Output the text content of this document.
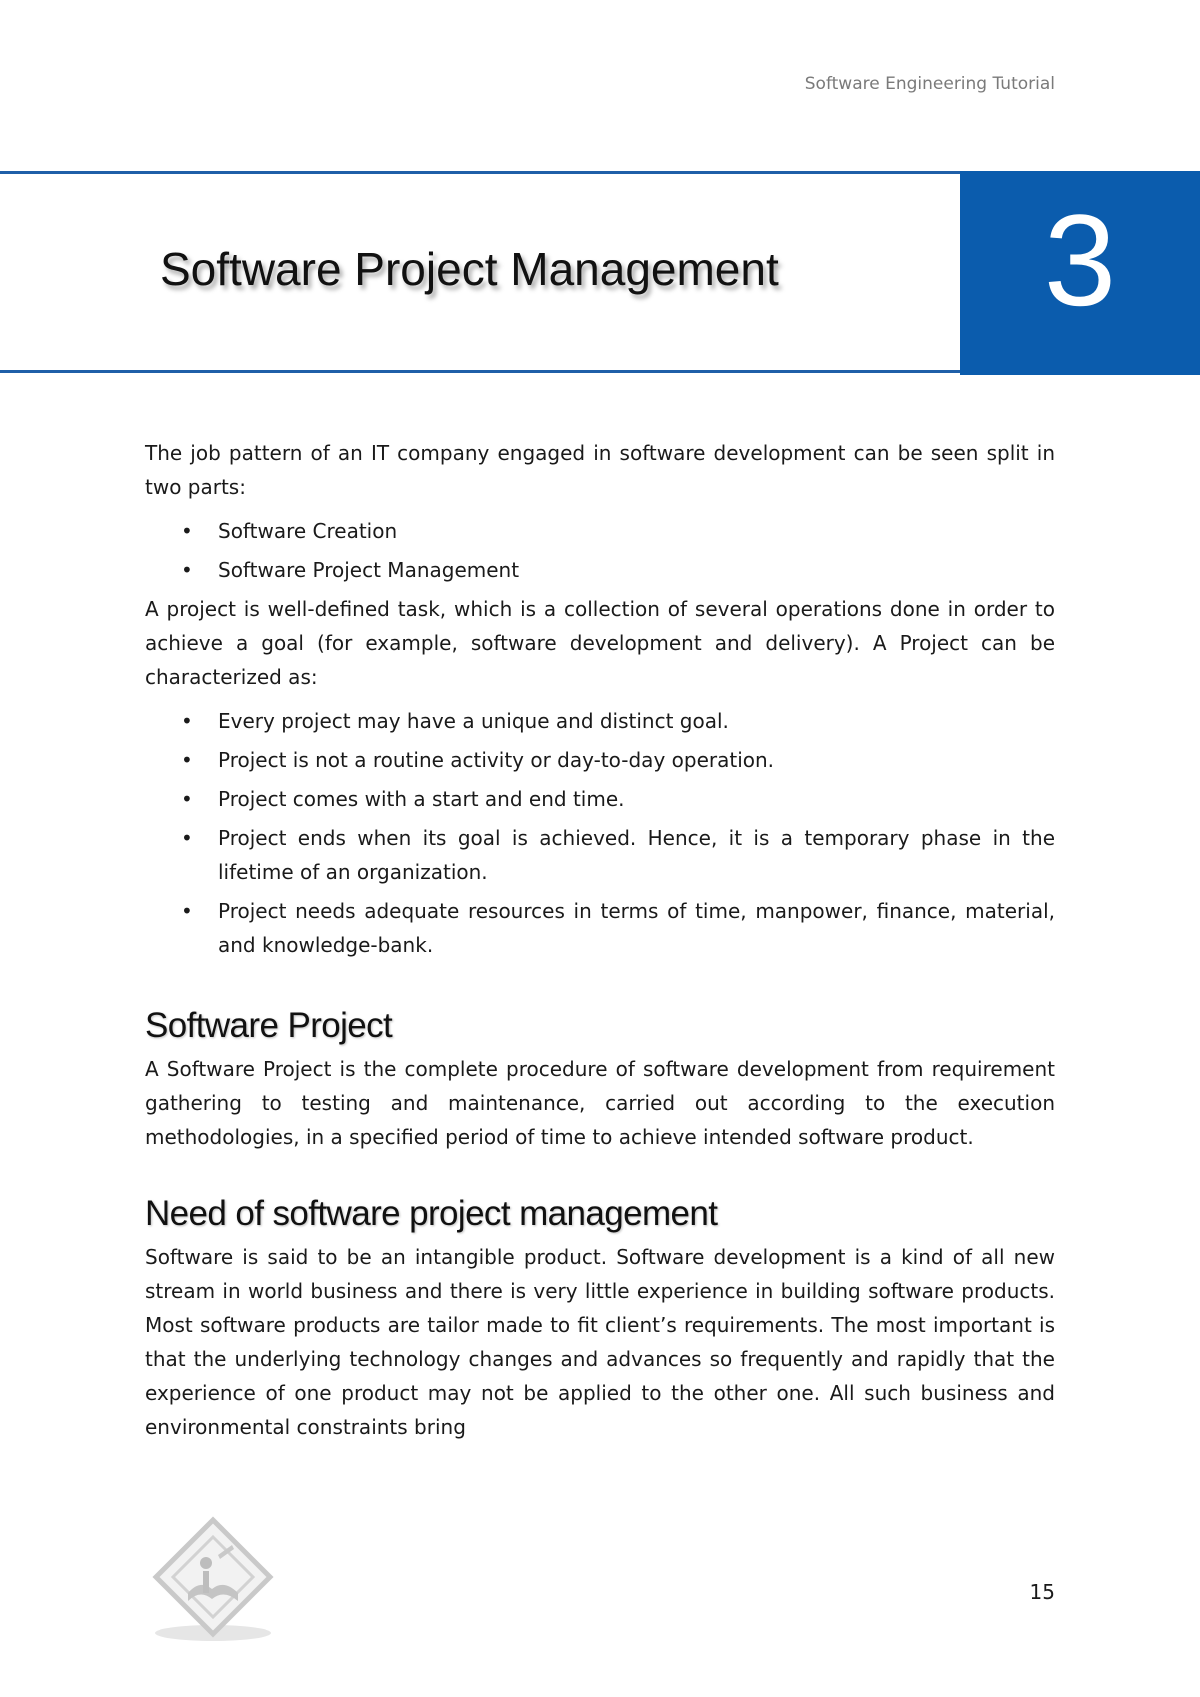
Software Engineering Tutorial
Software Project Management	3

The job pattern of an IT company engaged in software development can be seen split in two parts:

• Software Creation
• Software Project Management

A project is well-defined task, which is a collection of several operations done in order to achieve a goal (for example, software development and delivery). A Project can be characterized as:

• Every project may have a unique and distinct goal.
• Project is not a routine activity or day-to-day operation.
• Project comes with a start and end time.
• Project ends when its goal is achieved. Hence, it is a temporary phase in the lifetime of an organization.
• Project needs adequate resources in terms of time, manpower, finance, material, and knowledge-bank.
Software Project

A Software Project is the complete procedure of software development from requirement gathering to testing and maintenance, carried out according to the execution methodologies, in a specified period of time to achieve intended software product.

Need of software project management

Software is said to be an intangible product. Software development is a kind of all new stream in world business and there is very little experience in building software products. Most software products are tailor made to fit client’s requirements. The most important is that the underlying technology changes and advances so frequently and rapidly that the experience of one product may not be applied to the other one. All such business and environmental constraints bring

15
